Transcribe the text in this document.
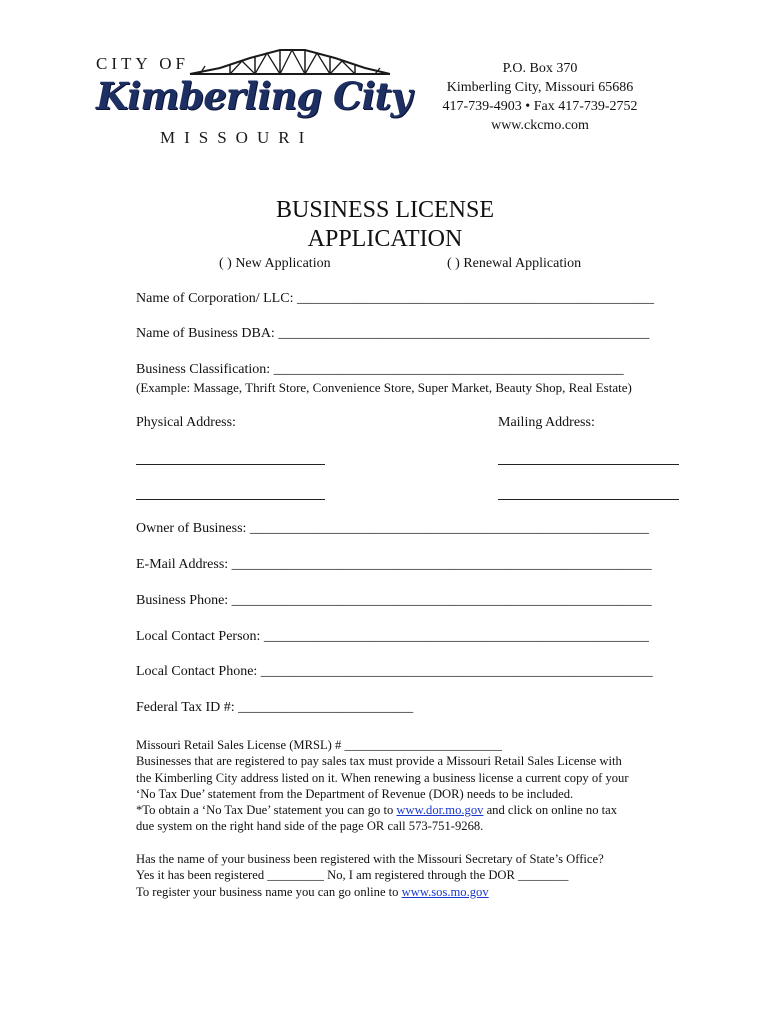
CITY OF
Kimberling City
MISSOURI
P.O. Box 370
Kimberling City, Missouri 65686
417-739-4903 • Fax 417-739-2752
www.ckcmo.com
BUSINESS LICENSE
APPLICATION
( ) New Application	( ) Renewal Application
Name of Corporation/ LLC: ___________________________________________________
Name of Business DBA: _____________________________________________________
Business Classification: __________________________________________________
(Example: Massage, Thrift Store, Convenience Store, Super Market, Beauty Shop, Real Estate)
Physical Address:	Mailing Address:
Owner of Business: _________________________________________________________
E-Mail Address: ____________________________________________________________
Business Phone: ____________________________________________________________
Local Contact Person: _______________________________________________________
Local Contact Phone: ________________________________________________________
Federal Tax ID #: _________________________
Missouri Retail Sales License (MRSL) # _________________________
Businesses that are registered to pay sales tax must provide a Missouri Retail Sales License with
the Kimberling City address listed on it. When renewing a business license a current copy of your
‘No Tax Due’ statement from the Department of Revenue (DOR) needs to be included.
*To obtain a ‘No Tax Due’ statement you can go to www.dor.mo.gov and click on online no tax
due system on the right hand side of the page OR call 573-751-9268.
Has the name of your business been registered with the Missouri Secretary of State’s Office?
Yes it has been registered _________ No, I am registered through the DOR ________
To register your business name you can go online to www.sos.mo.gov
